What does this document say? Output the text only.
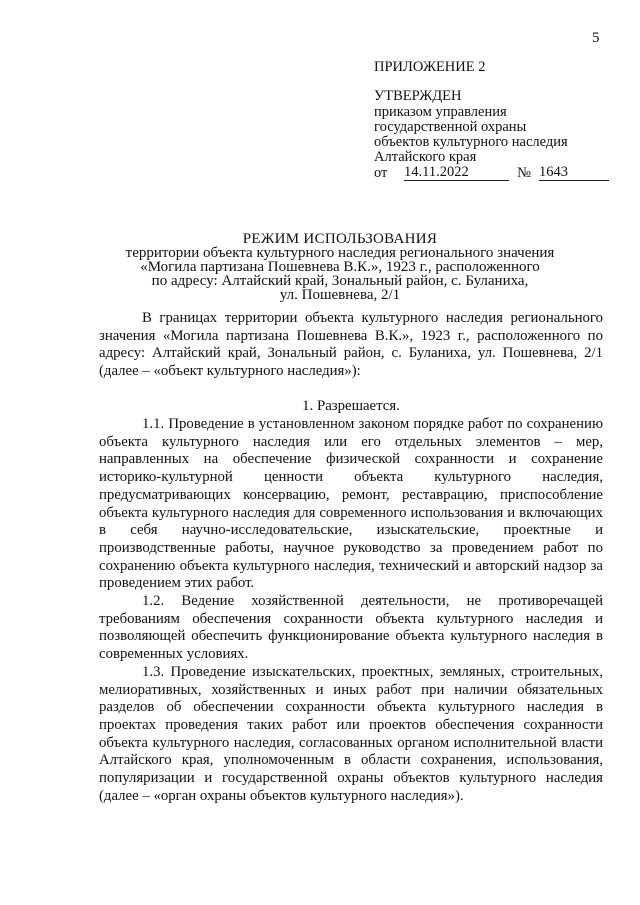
5
ПРИЛОЖЕНИЕ 2
УТВЕРЖДЕН
приказом управления
государственной охраны
объектов культурного наследия
Алтайского края
от	14.11.2022	№ 1643
РЕЖИМ ИСПОЛЬЗОВАНИЯ
территории объекта культурного наследия регионального значения
«Могила партизана Пошевнева В.К.», 1923 г., расположенного
по адресу: Алтайский край, Зональный район, с. Буланиха,
ул. Пошевнева, 2/1

В границах территории объекта культурного наследия регионального значения «Могила партизана Пошевнева В.К.», 1923 г., расположенного по адресу: Алтайский край, Зональный район, с. Буланиха, ул. Пошевнева, 2/1 (далее – «объект культурного наследия»):

1. Разрешается.

1.1. Проведение в установленном законом порядке работ по сохранению объекта культурного наследия или его отдельных элементов – мер, направленных на обеспечение физической сохранности и сохранение историко-культурной ценности объекта культурного наследия, предусматривающих консервацию, ремонт, реставрацию, приспособление объекта культурного наследия для современного использования и включающих в себя научно-исследовательские, изыскательские, проектные и производственные работы, научное руководство за проведением работ по сохранению объекта культурного наследия, технический и авторский надзор за проведением этих работ.

1.2. Ведение хозяйственной деятельности, не противоречащей требованиям обеспечения сохранности объекта культурного наследия и позволяющей обеспечить функционирование объекта культурного наследия в современных условиях.

1.3. Проведение изыскательских, проектных, земляных, строительных, мелиоративных, хозяйственных и иных работ при наличии обязательных разделов об обеспечении сохранности объекта культурного наследия в проектах проведения таких работ или проектов обеспечения сохранности объекта культурного наследия, согласованных органом исполнительной власти Алтайского края, уполномоченным в области сохранения, использования, популяризации и государственной охраны объектов культурного наследия (далее – «орган охраны объектов культурного наследия»).
